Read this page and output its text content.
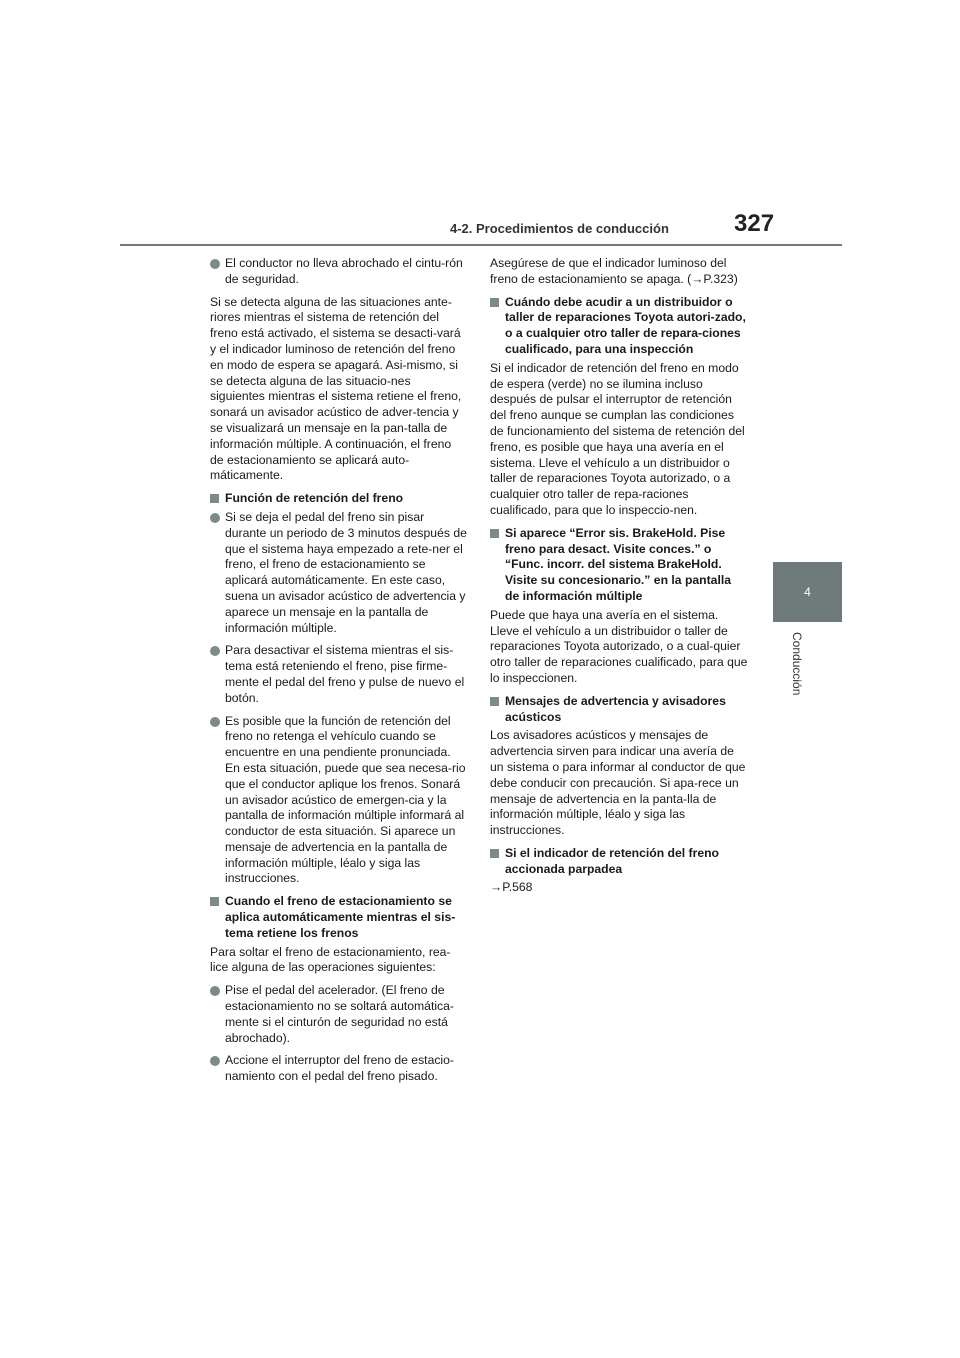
4-2. Procedimientos de conducción	327
4
Conducción
El conductor no lleva abrochado el cintu-rón de seguridad.

Si se detecta alguna de las situaciones ante-riores mientras el sistema de retención del freno está activado, el sistema se desacti-vará y el indicador luminoso de retención del freno en modo de espera se apagará. Asi-mismo, si se detecta alguna de las situacio-nes siguientes mientras el sistema retiene el freno, sonará un avisador acústico de adver-tencia y se visualizará un mensaje en la pan-talla de información múltiple. A continuación, el freno de estacionamiento se aplicará auto-máticamente.

Función de retención del freno
Si se deja el pedal del freno sin pisar durante un periodo de 3 minutos después de que el sistema haya empezado a rete-ner el freno, el freno de estacionamiento se aplicará automáticamente. En este caso, suena un avisador acústico de advertencia y aparece un mensaje en la pantalla de información múltiple.
Para desactivar el sistema mientras el sis-tema está reteniendo el freno, pise firme-mente el pedal del freno y pulse de nuevo el botón.
Es posible que la función de retención del freno no retenga el vehículo cuando se encuentre en una pendiente pronunciada. En esta situación, puede que sea necesa-rio que el conductor aplique los frenos. Sonará un avisador acústico de emergen-cia y la pantalla de información múltiple informará al conductor de esta situación. Si aparece un mensaje de advertencia en la pantalla de información múltiple, léalo y siga las instrucciones.
Cuando el freno de estacionamiento se aplica automáticamente mientras el sis-tema retiene los frenos

Para soltar el freno de estacionamiento, rea-lice alguna de las operaciones siguientes:

Pise el pedal del acelerador. (El freno de estacionamiento no se soltará automática-mente si el cinturón de seguridad no está abrochado).
Accione el interruptor del freno de estacio-namiento con el pedal del freno pisado.

Asegúrese de que el indicador luminoso del freno de estacionamiento se apaga. (→P.323)

Cuándo debe acudir a un distribuidor o taller de reparaciones Toyota autori-zado, o a cualquier otro taller de repara-ciones cualificado, para una inspección

Si el indicador de retención del freno en modo de espera (verde) no se ilumina incluso después de pulsar el interruptor de retención del freno aunque se cumplan las condiciones de funcionamiento del sistema de retención del freno, es posible que haya una avería en el sistema. Lleve el vehículo a un distribuidor o taller de reparaciones Toyota autorizado, o a cualquier otro taller de repa-raciones cualificado, para que lo inspeccio-nen.

Si aparece “Error sis. BrakeHold. Pise freno para desact. Visite conces.” o “Func. incorr. del sistema BrakeHold. Visite su concesionario.” en la pantalla de información múltiple

Puede que haya una avería en el sistema. Lleve el vehículo a un distribuidor o taller de reparaciones Toyota autorizado, o a cual-quier otro taller de reparaciones cualificado, para que lo inspeccionen.

Mensajes de advertencia y avisadores acústicos

Los avisadores acústicos y mensajes de advertencia sirven para indicar una avería de un sistema o para informar al conductor de que debe conducir con precaución. Si apa-rece un mensaje de advertencia en la panta-lla de información múltiple, léalo y siga las instrucciones.

Si el indicador de retención del freno accionada parpadea

→P.568
